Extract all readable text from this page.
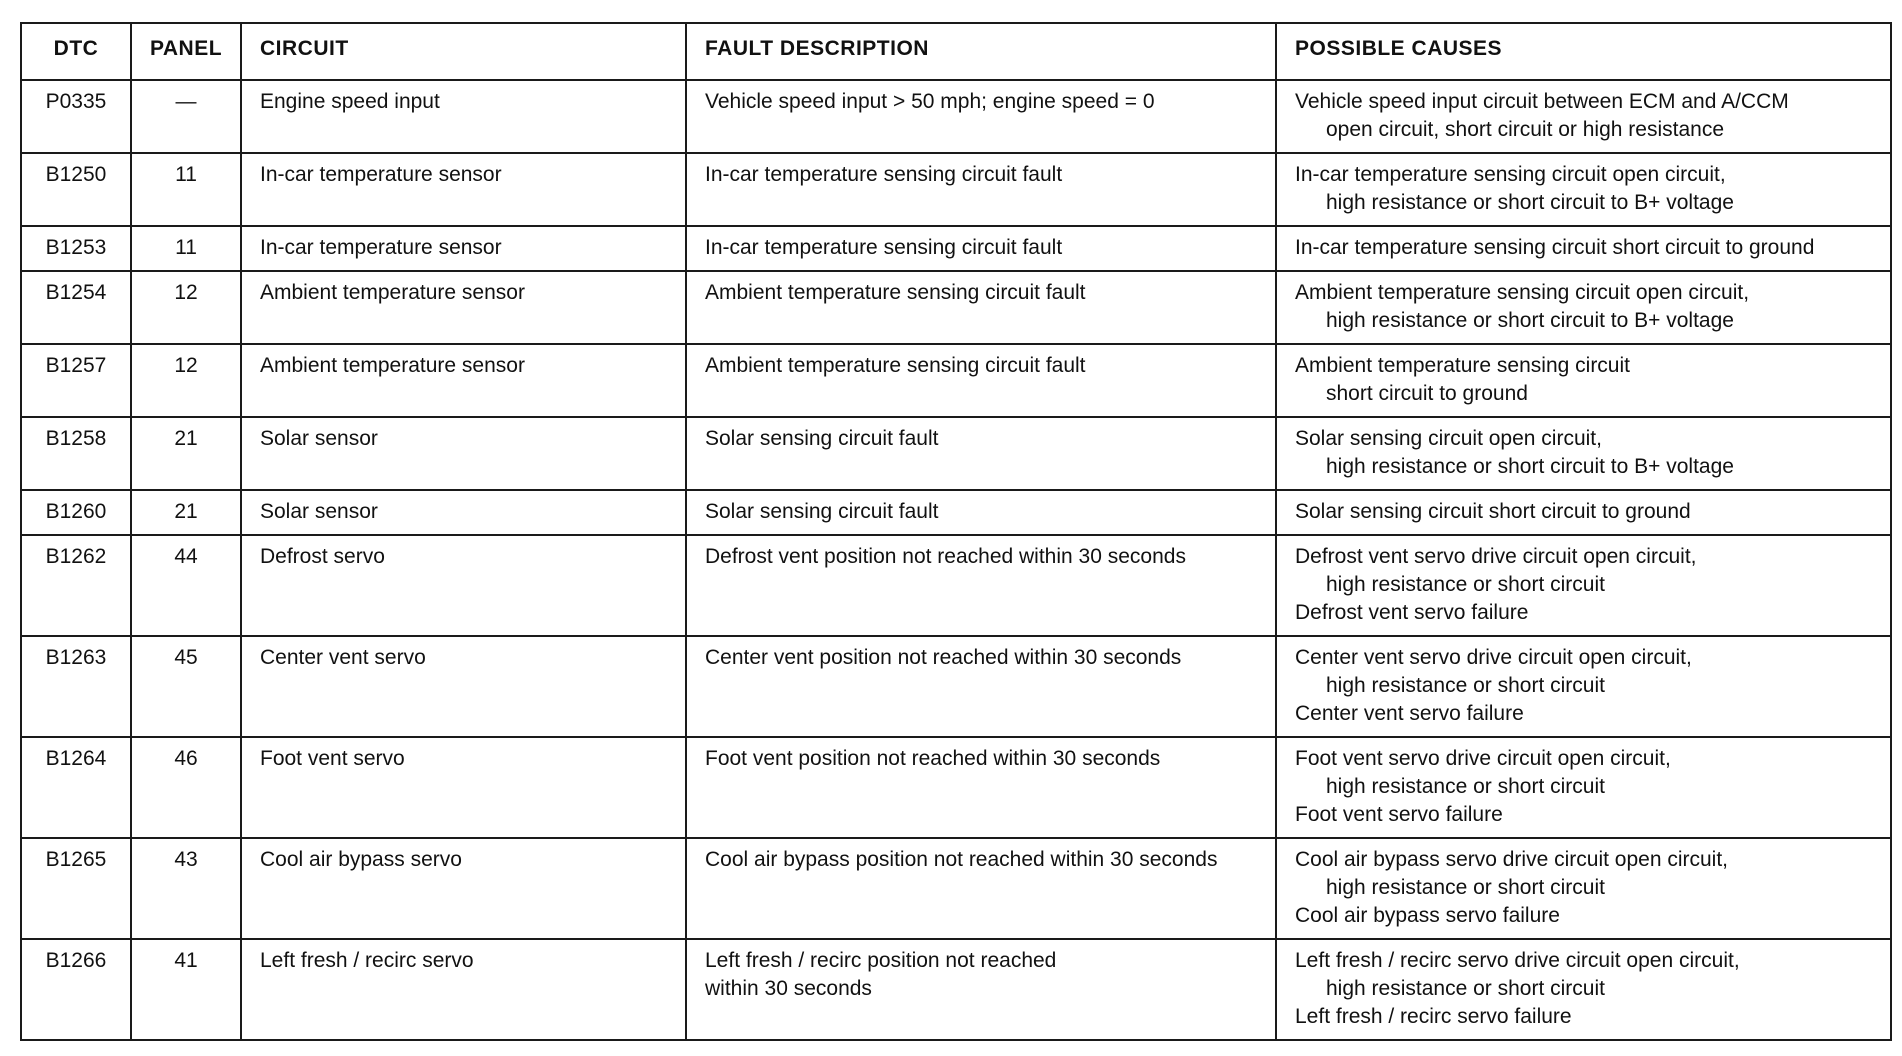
DTC	PANEL	CIRCUIT	FAULT DESCRIPTION	POSSIBLE CAUSES
P0335	—	Engine speed input	Vehicle speed input > 50 mph; engine speed = 0	Vehicle speed input circuit between ECM and A/CCM
open circuit, short circuit or high resistance

B1250	11	In-car temperature sensor	In-car temperature sensing circuit fault	In-car temperature sensing circuit open circuit,
high resistance or short circuit to B+ voltage

B1253	11	In-car temperature sensor	In-car temperature sensing circuit fault	In-car temperature sensing circuit short circuit to ground

B1254	12	Ambient temperature sensor	Ambient temperature sensing circuit fault	Ambient temperature sensing circuit open circuit,
high resistance or short circuit to B+ voltage

B1257	12	Ambient temperature sensor	Ambient temperature sensing circuit fault	Ambient temperature sensing circuit
short circuit to ground

B1258	21	Solar sensor	Solar sensing circuit fault	Solar sensing circuit open circuit,
high resistance or short circuit to B+ voltage

B1260	21	Solar sensor	Solar sensing circuit fault	Solar sensing circuit short circuit to ground

B1262	44	Defrost servo	Defrost vent position not reached within 30 seconds	Defrost vent servo drive circuit open circuit,
high resistance or short circuit
Defrost vent servo failure

B1263	45	Center vent servo	Center vent position not reached within 30 seconds	Center vent servo drive circuit open circuit,
high resistance or short circuit
Center vent servo failure

B1264	46	Foot vent servo	Foot vent position not reached within 30 seconds	Foot vent servo drive circuit open circuit,
high resistance or short circuit
Foot vent servo failure

B1265	43	Cool air bypass servo	Cool air bypass position not reached within 30 seconds	Cool air bypass servo drive circuit open circuit,
high resistance or short circuit
Cool air bypass servo failure

B1266	41	Left fresh / recirc servo	Left fresh / recirc position not reached
within 30 seconds	Left fresh / recirc servo drive circuit open circuit,
high resistance or short circuit
Left fresh / recirc servo failure
